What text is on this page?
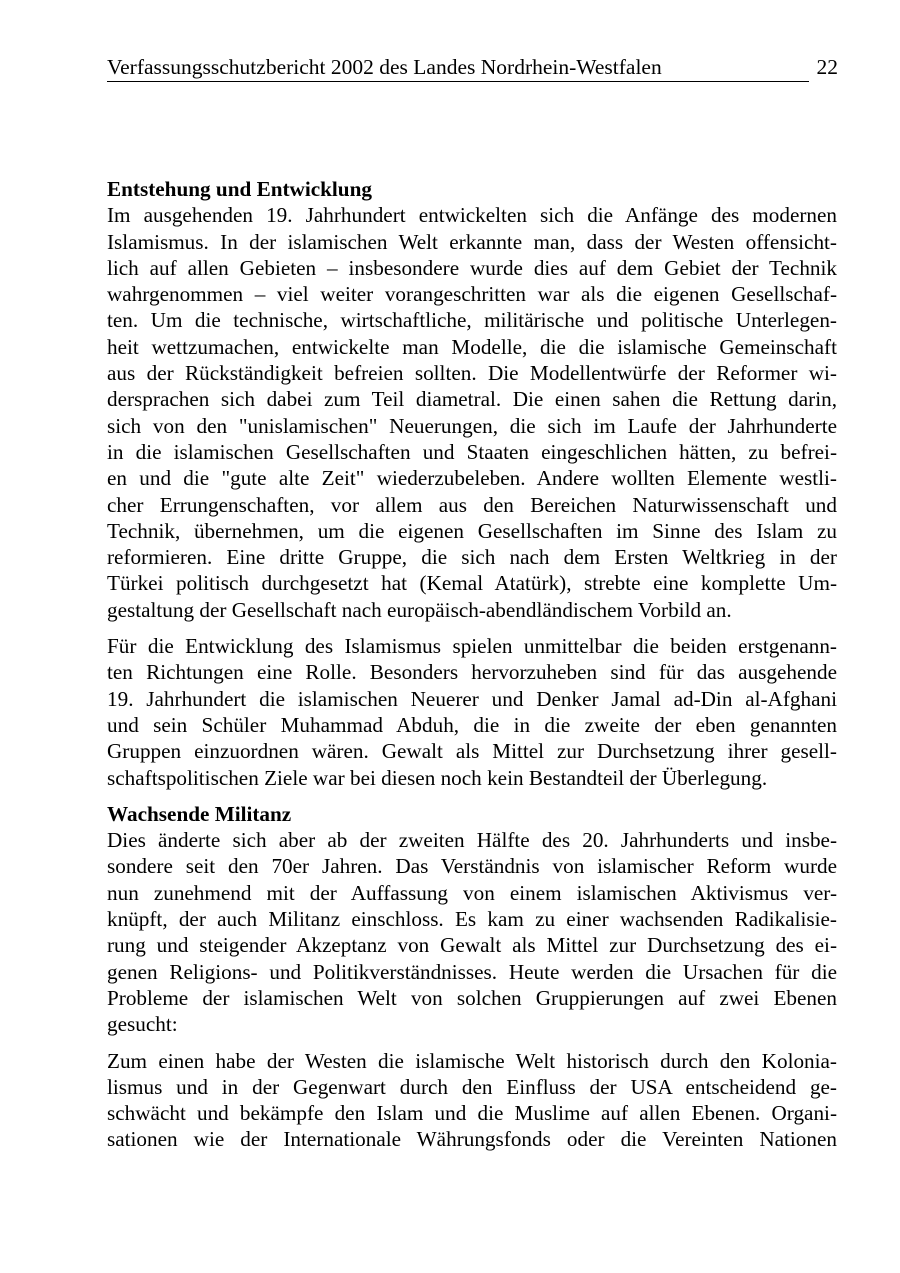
Verfassungsschutzbericht 2002 des Landes Nordrhein-Westfalen	22
Entstehung und Entwicklung
Im ausgehenden 19. Jahrhundert entwickelten sich die Anfänge des modernen
Islamismus. In der islamischen Welt erkannte man, dass der Westen offensicht-
lich auf allen Gebieten – insbesondere wurde dies auf dem Gebiet der Technik
wahrgenommen – viel weiter vorangeschritten war als die eigenen Gesellschaf-
ten. Um die technische, wirtschaftliche, militärische und politische Unterlegen-
heit wettzumachen, entwickelte man Modelle, die die islamische Gemeinschaft
aus der Rückständigkeit befreien sollten. Die Modellentwürfe der Reformer wi-
dersprachen sich dabei zum Teil diametral. Die einen sahen die Rettung darin,
sich von den "unislamischen" Neuerungen, die sich im Laufe der Jahrhunderte
in die islamischen Gesellschaften und Staaten eingeschlichen hätten, zu befrei-
en und die "gute alte Zeit" wiederzubeleben. Andere wollten Elemente westli-
cher Errungenschaften, vor allem aus den Bereichen Naturwissenschaft und
Technik, übernehmen, um die eigenen Gesellschaften im Sinne des Islam zu
reformieren. Eine dritte Gruppe, die sich nach dem Ersten Weltkrieg in der
Türkei politisch durchgesetzt hat (Kemal Atatürk), strebte eine komplette Um-
gestaltung der Gesellschaft nach europäisch-abendländischem Vorbild an.
Für die Entwicklung des Islamismus spielen unmittelbar die beiden erstgenann-
ten Richtungen eine Rolle. Besonders hervorzuheben sind für das ausgehende
19. Jahrhundert die islamischen Neuerer und Denker Jamal ad-Din al-Afghani
und sein Schüler Muhammad Abduh, die in die zweite der eben genannten
Gruppen einzuordnen wären. Gewalt als Mittel zur Durchsetzung ihrer gesell-
schaftspolitischen Ziele war bei diesen noch kein Bestandteil der Überlegung.
Wachsende Militanz
Dies änderte sich aber ab der zweiten Hälfte des 20. Jahrhunderts und insbe-
sondere seit den 70er Jahren. Das Verständnis von islamischer Reform wurde
nun zunehmend mit der Auffassung von einem islamischen Aktivismus ver-
knüpft, der auch Militanz einschloss. Es kam zu einer wachsenden Radikalisie-
rung und steigender Akzeptanz von Gewalt als Mittel zur Durchsetzung des ei-
genen Religions- und Politikverständnisses. Heute werden die Ursachen für die
Probleme der islamischen Welt von solchen Gruppierungen auf zwei Ebenen
gesucht:
Zum einen habe der Westen die islamische Welt historisch durch den Kolonia-
lismus und in der Gegenwart durch den Einfluss der USA entscheidend ge-
schwächt und bekämpfe den Islam und die Muslime auf allen Ebenen. Organi-
sationen wie der Internationale Währungsfonds oder die Vereinten Nationen
